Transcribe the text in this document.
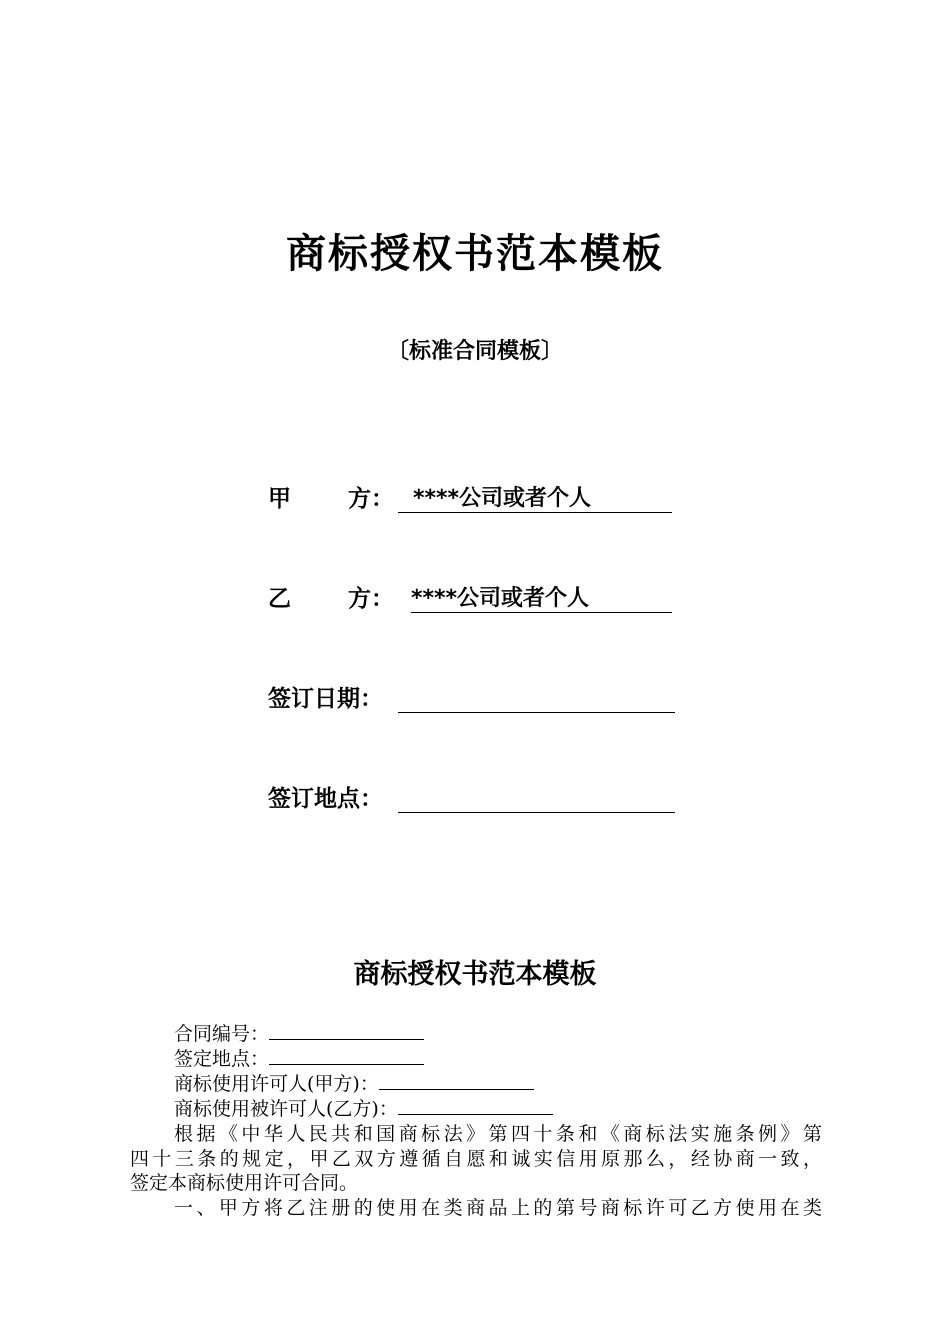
商标授权书范本模板
〔标准合同模板〕
甲 方： ****公司或者个人
乙 方： ****公司或者个人
签订日期：
签订地点：
商标授权书范本模板
合同编号：
签定地点：
商标使用许可人(甲方)：
商标使用被许可人(乙方)：
根据《中华人民共和国商标法》第四十条和《商标法实施条例》第
四十三条的规定，甲乙双方遵循自愿和诚实信用原那么，经协商一致，
签定本商标使用许可合同。
一、甲方将乙注册的使用在类商品上的第号商标许可乙方使用在类
